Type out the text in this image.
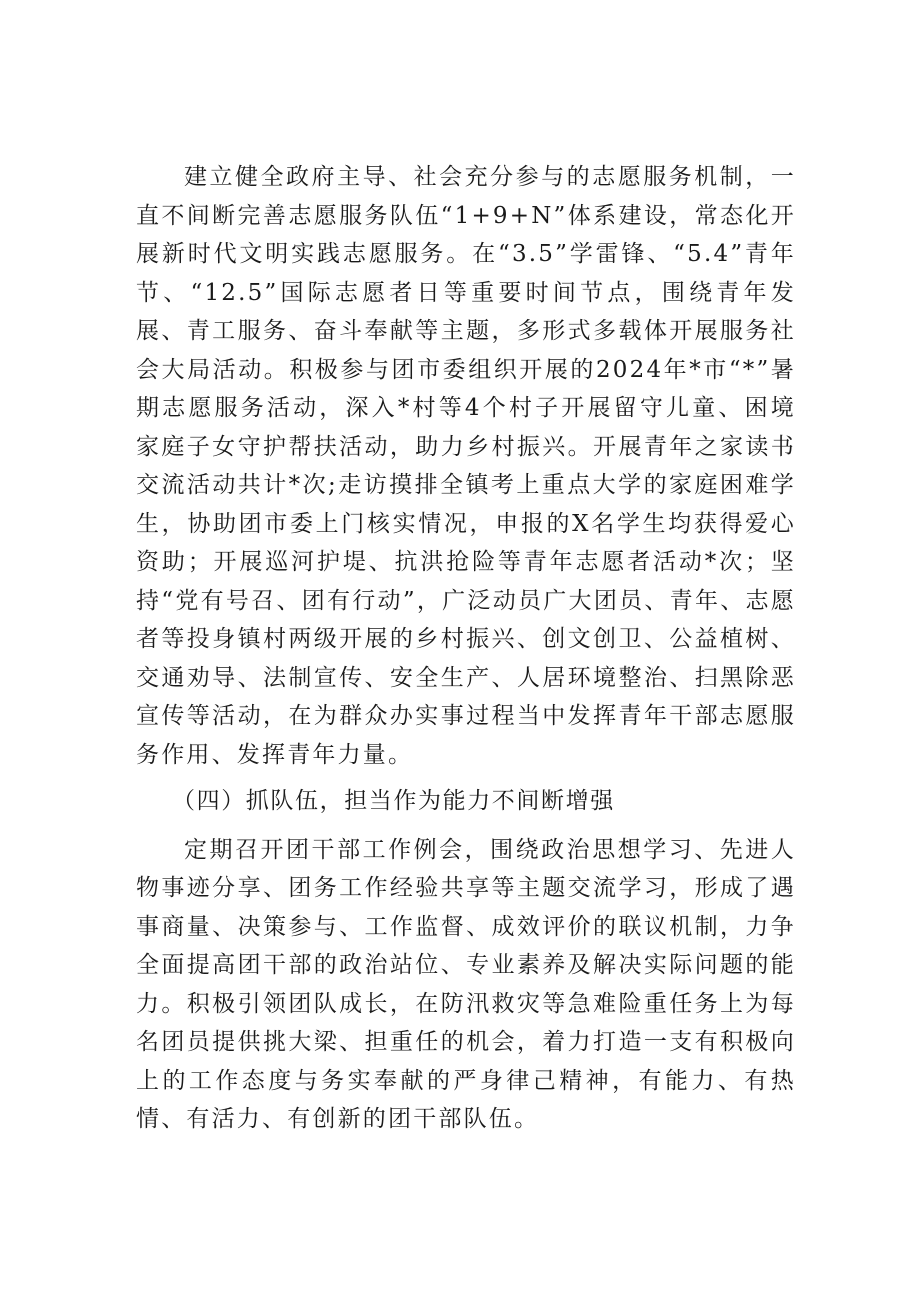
建立健全政府主导、社会充分参与的志愿服务机制，一直不间断完善志愿服务队伍“1+9+N”体系建设，常态化开展新时代文明实践志愿服务。在“3.5”学雷锋、“5.4”青年节、“12.5”国际志愿者日等重要时间节点，围绕青年发展、青工服务、奋斗奉献等主题，多形式多载体开展服务社会大局活动。积极参与团市委组织开展的2024年*市“*”暑期志愿服务活动，深入*村等4个村子开展留守儿童、困境家庭子女守护帮扶活动，助力乡村振兴。开展青年之家读书交流活动共计*次;走访摸排全镇考上重点大学的家庭困难学生，协助团市委上门核实情况，申报的X名学生均获得爱心资助；开展巡河护堤、抗洪抢险等青年志愿者活动*次；坚持“党有号召、团有行动”，广泛动员广大团员、青年、志愿者等投身镇村两级开展的乡村振兴、创文创卫、公益植树、交通劝导、法制宣传、安全生产、人居环境整治、扫黑除恶宣传等活动，在为群众办实事过程当中发挥青年干部志愿服务作用、发挥青年力量。

（四）抓队伍，担当作为能力不间断增强

定期召开团干部工作例会，围绕政治思想学习、先进人物事迹分享、团务工作经验共享等主题交流学习，形成了遇事商量、决策参与、工作监督、成效评价的联议机制，力争全面提高团干部的政治站位、专业素养及解决实际问题的能力。积极引领团队成长，在防汛救灾等急难险重任务上为每名团员提供挑大梁、担重任的机会，着力打造一支有积极向上的工作态度与务实奉献的严身律己精神，有能力、有热情、有活力、有创新的团干部队伍。
